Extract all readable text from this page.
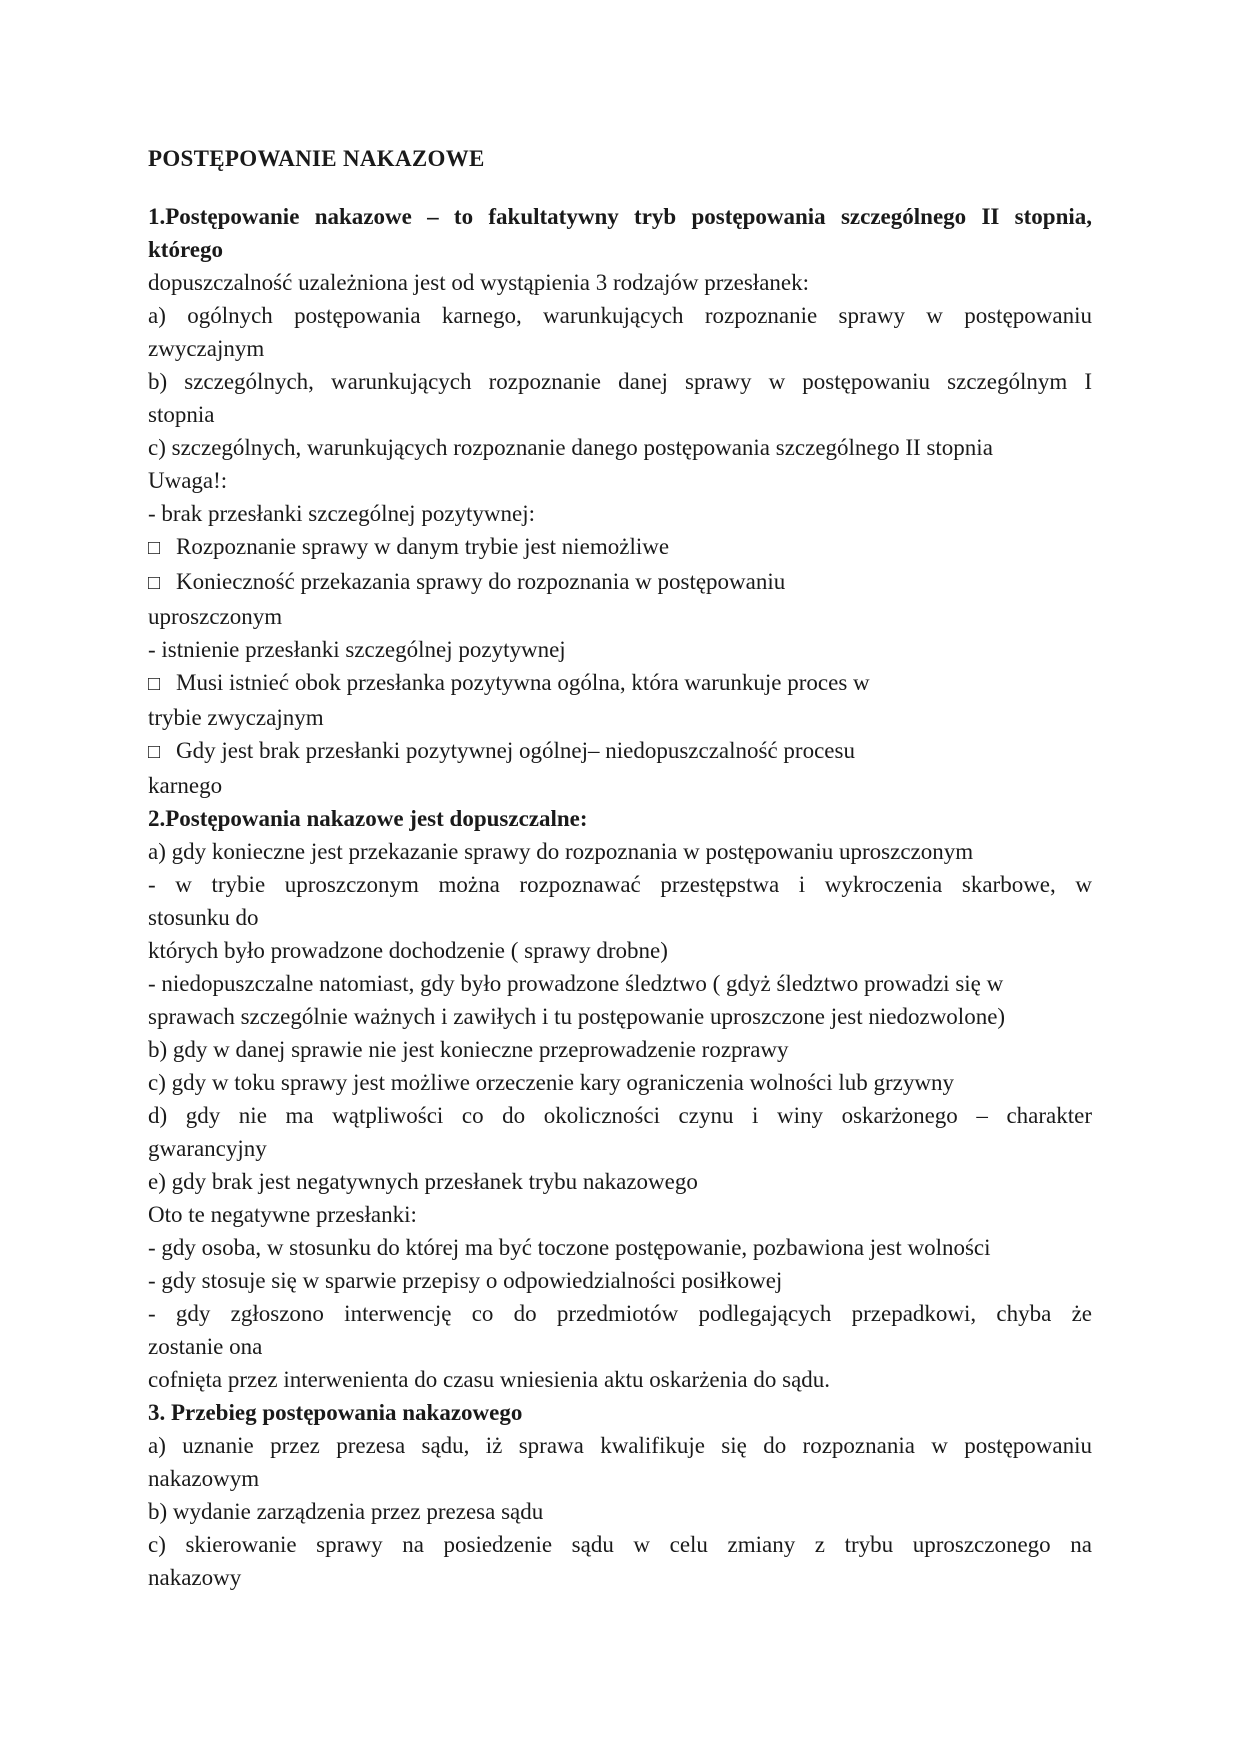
POSTĘPOWANIE NAKAZOWE

1.Postępowanie nakazowe – to fakultatywny tryb postępowania szczególnego II stopnia,

którego

dopuszczalność uzależniona jest od wystąpienia 3 rodzajów przesłanek:

a) ogólnych postępowania karnego, warunkujących rozpoznanie sprawy w postępowaniu

zwyczajnym

b) szczególnych, warunkujących rozpoznanie danej sprawy w postępowaniu szczególnym I

stopnia

c) szczególnych, warunkujących rozpoznanie danego postępowania szczególnego II stopnia

Uwaga!:

- brak przesłanki szczególnej pozytywnej:

□ Rozpoznanie sprawy w danym trybie jest niemożliwe

□ Konieczność przekazania sprawy do rozpoznania w postępowaniu

uproszczonym

- istnienie przesłanki szczególnej pozytywnej

□ Musi istnieć obok przesłanka pozytywna ogólna, która warunkuje proces w

trybie zwyczajnym

□ Gdy jest brak przesłanki pozytywnej ogólnej– niedopuszczalność procesu

karnego

2.Postępowania nakazowe jest dopuszczalne:

a) gdy konieczne jest przekazanie sprawy do rozpoznania w postępowaniu uproszczonym

- w trybie uproszczonym można rozpoznawać przestępstwa i wykroczenia skarbowe, w

stosunku do

których było prowadzone dochodzenie ( sprawy drobne)

- niedopuszczalne natomiast, gdy było prowadzone śledztwo ( gdyż śledztwo prowadzi się w

sprawach szczególnie ważnych i zawiłych i tu postępowanie uproszczone jest niedozwolone)

b) gdy w danej sprawie nie jest konieczne przeprowadzenie rozprawy

c) gdy w toku sprawy jest możliwe orzeczenie kary ograniczenia wolności lub grzywny

d) gdy nie ma wątpliwości co do okoliczności czynu i winy oskarżonego – charakter

gwarancyjny

e) gdy brak jest negatywnych przesłanek trybu nakazowego

Oto te negatywne przesłanki:

- gdy osoba, w stosunku do której ma być toczone postępowanie, pozbawiona jest wolności

- gdy stosuje się w sparwie przepisy o odpowiedzialności posiłkowej

- gdy zgłoszono interwencję co do przedmiotów podlegających przepadkowi, chyba że

zostanie ona

cofnięta przez interwenienta do czasu wniesienia aktu oskarżenia do sądu.

3. Przebieg postępowania nakazowego

a) uznanie przez prezesa sądu, iż sprawa kwalifikuje się do rozpoznania w postępowaniu

nakazowym

b) wydanie zarządzenia przez prezesa sądu

c) skierowanie sprawy na posiedzenie sądu w celu zmiany z trybu uproszczonego na

nakazowy
